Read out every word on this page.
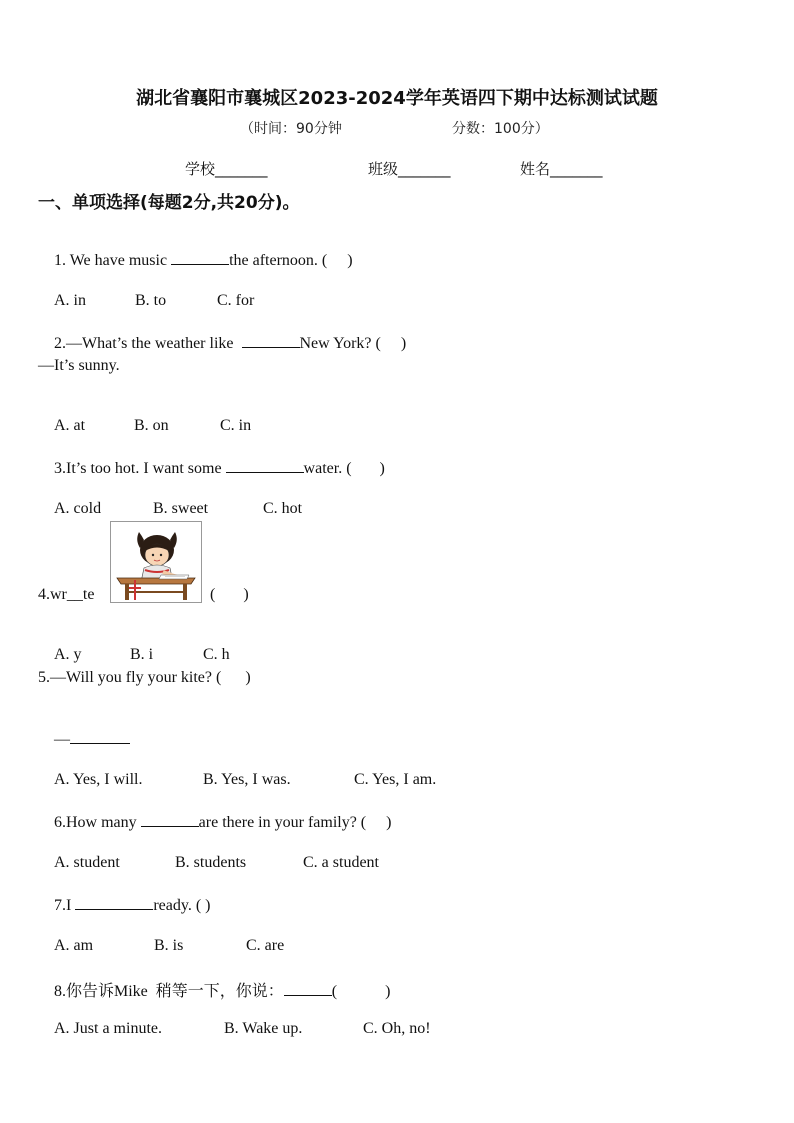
湖北省襄阳市襄城区2023-2024学年英语四下期中达标测试试题
（时间：90分钟	分数：100分）
学校_______	班级_______	姓名_______
一、单项选择(每题2分,共20分)。

1. We have music	the afternoon. (     )

A. in	B. to	C. for

2.—What’s the weather like	New York? (     )

—It’s sunny.

A. at	B. on	C. in

3.It’s too hot. I want some	water. (       )

A. cold	B. sweet	C. hot

4.wr__te	(       )

A. y	B. i	C. h

5.—Will you fly your kite? (      )

—

A. Yes, I will.	B. Yes, I was.	C. Yes, I am.

6.How many	are there in your family? (     )

A. student	B. students	C. a student

7.I	ready. ( )

A. am	B. is	C. are

8.你告诉Mike  稍等一下，你说：	(            )

A. Just a minute.	B. Wake up.	C. Oh, no!
